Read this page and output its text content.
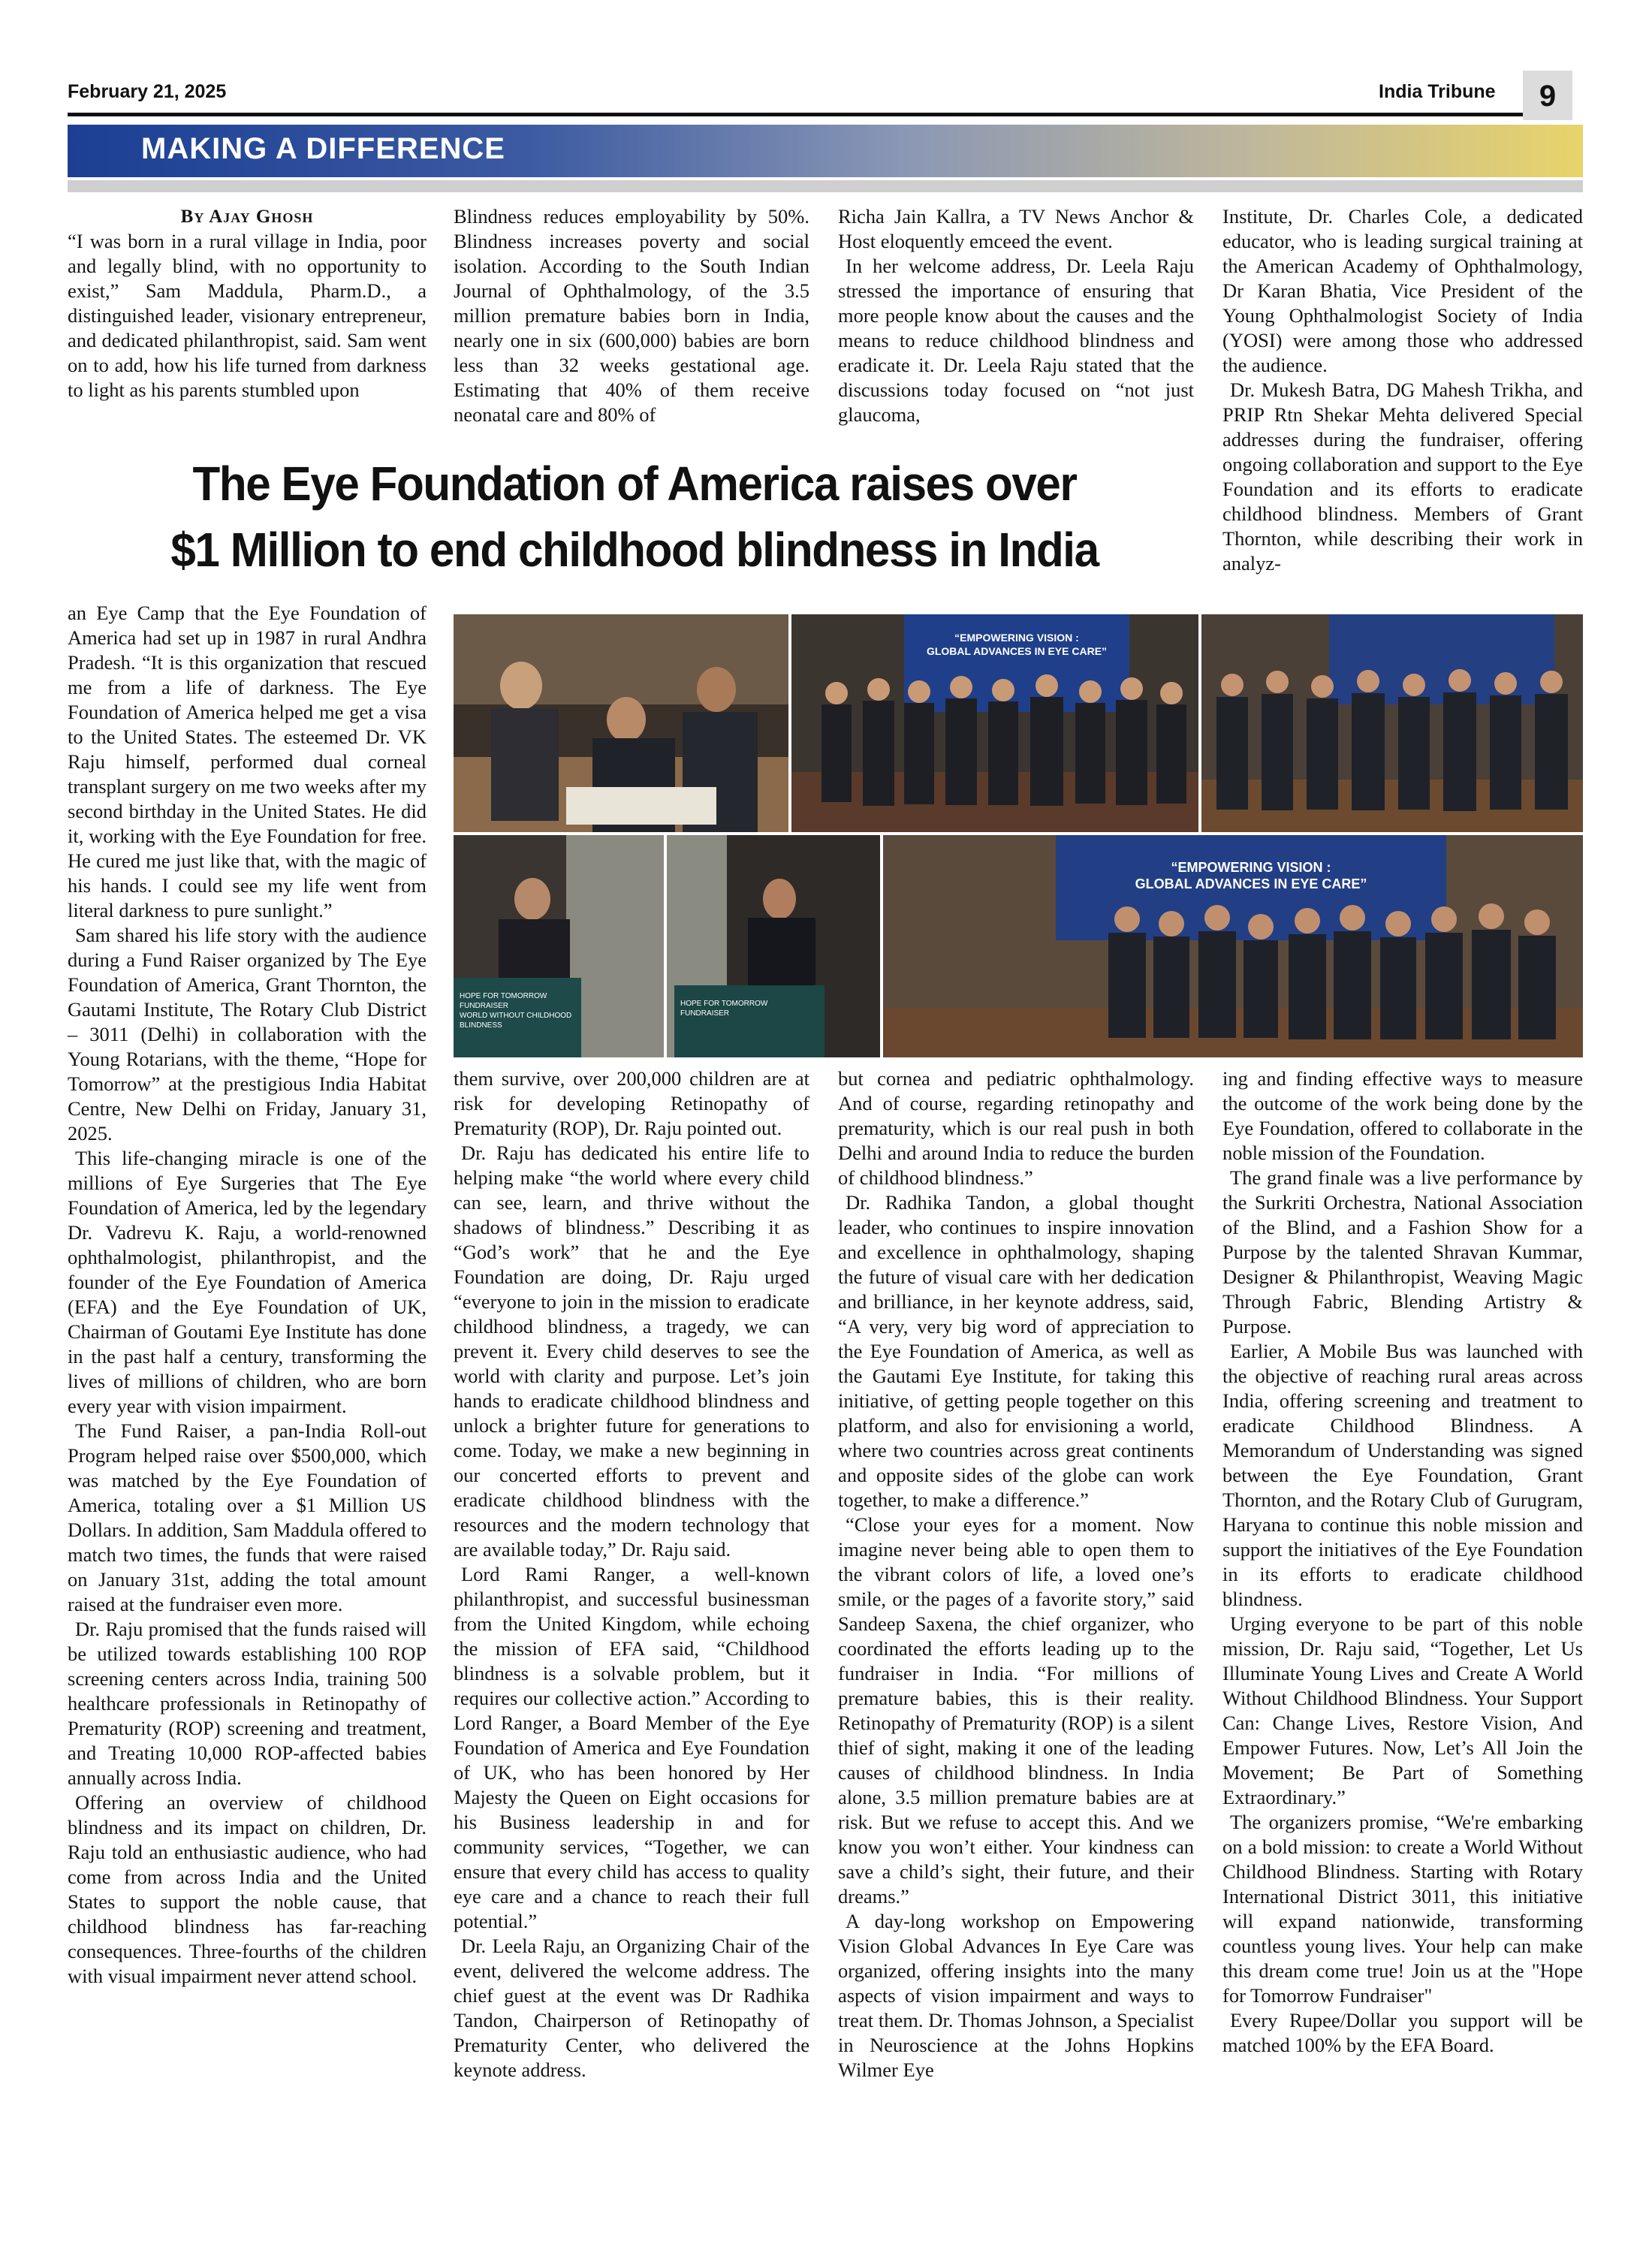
February 21, 2025	India Tribune	9
MAKING A DIFFERENCE
By Ajay Ghosh

“I was born in a rural village in India, poor and legally blind, with no opportunity to exist,” Sam Maddula, Pharm.D., a distinguished leader, visionary entrepreneur, and dedicated philanthropist, said. Sam went on to add, how his life turned from darkness to light as his parents stumbled upon

Blindness reduces employability by 50%. Blindness increases poverty and social isolation. According to the South Indian Journal of Ophthalmology, of the 3.5 million premature babies born in India, nearly one in six (600,000) babies are born less than 32 weeks gestational age. Estimating that 40% of them receive neonatal care and 80% of

Richa Jain Kallra, a TV News Anchor & Host eloquently emceed the event.

In her welcome address, Dr. Leela Raju stressed the importance of ensuring that more people know about the causes and the means to reduce childhood blindness and eradicate it. Dr. Leela Raju stated that the discussions today focused on “not just glaucoma,

Institute, Dr. Charles Cole, a dedicated educator, who is leading surgical training at the American Academy of Ophthalmology, Dr Karan Bhatia, Vice President of the Young Ophthalmologist Society of India (YOSI) were among those who addressed the audience.

Dr. Mukesh Batra, DG Mahesh Trikha, and PRIP Rtn Shekar Mehta delivered Special addresses during the fundraiser, offering ongoing collaboration and support to the Eye Foundation and its efforts to eradicate childhood blindness. Members of Grant Thornton, while describing their work in analyz-

The Eye Foundation of America raises over
$1 Million to end childhood blindness in India

an Eye Camp that the Eye Foundation of America had set up in 1987 in rural Andhra Pradesh. “It is this organization that rescued me from a life of darkness. The Eye Foundation of America helped me get a visa to the United States. The esteemed Dr. VK Raju himself, performed dual corneal transplant surgery on me two weeks after my second birthday in the United States. He did it, working with the Eye Foundation for free. He cured me just like that, with the magic of his hands. I could see my life went from literal darkness to pure sunlight.”

Sam shared his life story with the audience during a Fund Raiser organized by The Eye Foundation of America, Grant Thornton, the Gautami Institute, The Rotary Club District – 3011 (Delhi) in collaboration with the Young Rotarians, with the theme, “Hope for Tomorrow” at the prestigious India Habitat Centre, New Delhi on Friday, January 31, 2025.

This life-changing miracle is one of the millions of Eye Surgeries that The Eye Foundation of America, led by the legendary Dr. Vadrevu K. Raju, a world-renowned ophthalmologist, philanthropist, and the founder of the Eye Foundation of America (EFA) and the Eye Foundation of UK, Chairman of Goutami Eye Institute has done in the past half a century, transforming the lives of millions of children, who are born every year with vision impairment.

The Fund Raiser, a pan-India Roll-out Program helped raise over $500,000, which was matched by the Eye Foundation of America, totaling over a $1 Million US Dollars. In addition, Sam Maddula offered to match two times, the funds that were raised on January 31st, adding the total amount raised at the fundraiser even more.

Dr. Raju promised that the funds raised will be utilized towards establishing 100 ROP screening centers across India, training 500 healthcare professionals in Retinopathy of Prematurity (ROP) screening and treatment, and Treating 10,000 ROP-affected babies annually across India.

Offering an overview of childhood blindness and its impact on children, Dr. Raju told an enthusiastic audience, who had come from across India and the United States to support the noble cause, that childhood blindness has far-reaching consequences. Three-fourths of the children with visual impairment never attend school.

“EMPOWERING VISION :
GLOBAL ADVANCES IN EYE CARE”
HOPE FOR TOMORROW
FUNDRAISER
WORLD WITHOUT CHILDHOOD BLINDNESS
HOPE FOR TOMORROW
FUNDRAISER
“EMPOWERING VISION :
GLOBAL ADVANCES IN EYE CARE”

them survive, over 200,000 children are at risk for developing Retinopathy of Prematurity (ROP), Dr. Raju pointed out.

Dr. Raju has dedicated his entire life to helping make “the world where every child can see, learn, and thrive without the shadows of blindness.” Describing it as “God’s work” that he and the Eye Foundation are doing, Dr. Raju urged “everyone to join in the mission to eradicate childhood blindness, a tragedy, we can prevent it. Every child deserves to see the world with clarity and purpose. Let’s join hands to eradicate childhood blindness and unlock a brighter future for generations to come. Today, we make a new beginning in our concerted efforts to prevent and eradicate childhood blindness with the resources and the modern technology that are available today,” Dr. Raju said.

Lord Rami Ranger, a well-known philanthropist, and successful businessman from the United Kingdom, while echoing the mission of EFA said, “Childhood blindness is a solvable problem, but it requires our collective action.” According to Lord Ranger, a Board Member of the Eye Foundation of America and Eye Foundation of UK, who has been honored by Her Majesty the Queen on Eight occasions for his Business leadership in and for community services, “Together, we can ensure that every child has access to quality eye care and a chance to reach their full potential.”

Dr. Leela Raju, an Organizing Chair of the event, delivered the welcome address. The chief guest at the event was Dr Radhika Tandon, Chairperson of Retinopathy of Prematurity Center, who delivered the keynote address.

but cornea and pediatric ophthalmology. And of course, regarding retinopathy and prematurity, which is our real push in both Delhi and around India to reduce the burden of childhood blindness.”

Dr. Radhika Tandon, a global thought leader, who continues to inspire innovation and excellence in ophthalmology, shaping the future of visual care with her dedication and brilliance, in her keynote address, said, “A very, very big word of appreciation to the Eye Foundation of America, as well as the Gautami Eye Institute, for taking this initiative, of getting people together on this platform, and also for envisioning a world, where two countries across great continents and opposite sides of the globe can work together, to make a difference.”

“Close your eyes for a moment. Now imagine never being able to open them to the vibrant colors of life, a loved one’s smile, or the pages of a favorite story,” said Sandeep Saxena, the chief organizer, who coordinated the efforts leading up to the fundraiser in India. “For millions of premature babies, this is their reality. Retinopathy of Prematurity (ROP) is a silent thief of sight, making it one of the leading causes of childhood blindness. In India alone, 3.5 million premature babies are at risk. But we refuse to accept this. And we know you won’t either. Your kindness can save a child’s sight, their future, and their dreams.”

A day-long workshop on Empowering Vision Global Advances In Eye Care was organized, offering insights into the many aspects of vision impairment and ways to treat them. Dr. Thomas Johnson, a Specialist in Neuroscience at the Johns Hopkins Wilmer Eye

ing and finding effective ways to measure the outcome of the work being done by the Eye Foundation, offered to collaborate in the noble mission of the Foundation.

The grand finale was a live performance by the Surkriti Orchestra, National Association of the Blind, and a Fashion Show for a Purpose by the talented Shravan Kummar, Designer & Philanthropist, Weaving Magic Through Fabric, Blending Artistry & Purpose.

Earlier, A Mobile Bus was launched with the objective of reaching rural areas across India, offering screening and treatment to eradicate Childhood Blindness. A Memorandum of Understanding was signed between the Eye Foundation, Grant Thornton, and the Rotary Club of Gurugram, Haryana to continue this noble mission and support the initiatives of the Eye Foundation in its efforts to eradicate childhood blindness.

Urging everyone to be part of this noble mission, Dr. Raju said, “Together, Let Us Illuminate Young Lives and Create A World Without Childhood Blindness. Your Support Can: Change Lives, Restore Vision, And Empower Futures. Now, Let’s All Join the Movement; Be Part of Something Extraordinary.”

The organizers promise, “We're embarking on a bold mission: to create a World Without Childhood Blindness. Starting with Rotary International District 3011, this initiative will expand nationwide, transforming countless young lives. Your help can make this dream come true! Join us at the "Hope for Tomorrow Fundraiser"

Every Rupee/Dollar you support will be matched 100% by the EFA Board.
